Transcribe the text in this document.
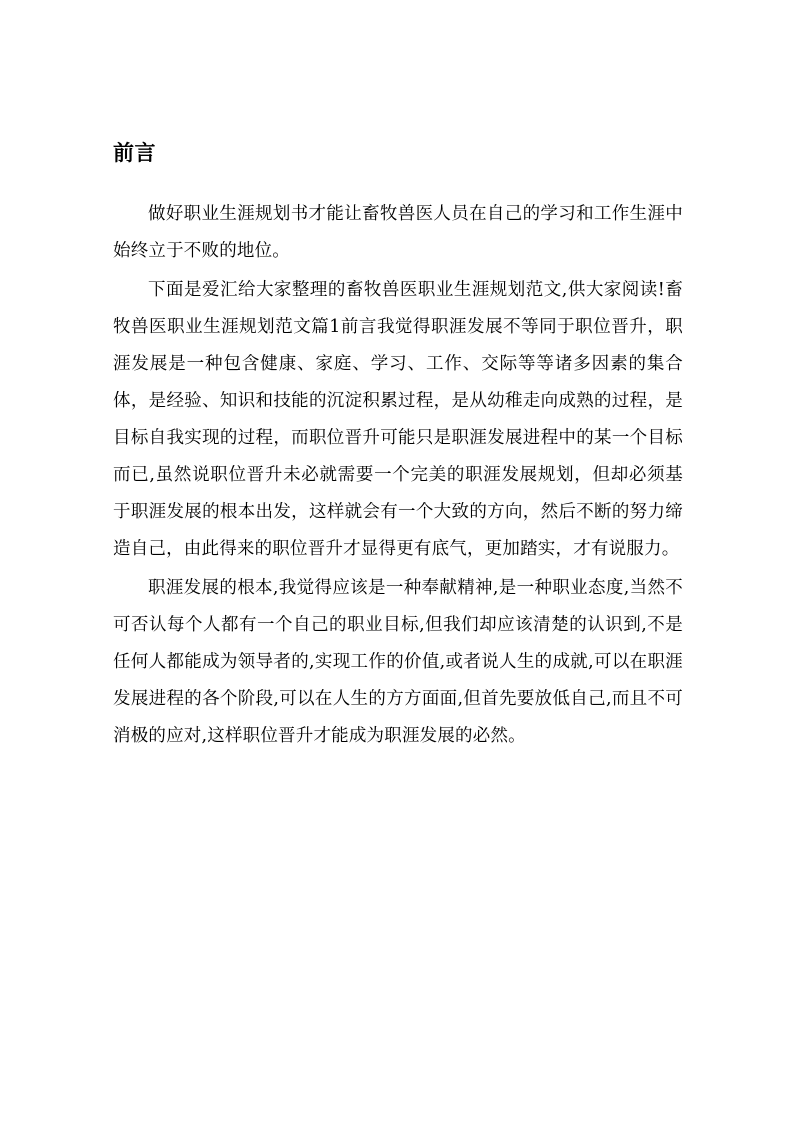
前言

做好职业生涯规划书才能让畜牧兽医人员在自己的学习和工作生涯中始终立于不败的地位。

下面是爱汇给大家整理的畜牧兽医职业生涯规划范文,供大家阅读!畜牧兽医职业生涯规划范文篇1前言我觉得职涯发展不等同于职位晋升，职涯发展是一种包含健康、家庭、学习、工作、交际等等诸多因素的集合体，是经验、知识和技能的沉淀积累过程，是从幼稚走向成熟的过程，是目标自我实现的过程，而职位晋升可能只是职涯发展进程中的某一个目标而已,虽然说职位晋升未必就需要一个完美的职涯发展规划，但却必须基于职涯发展的根本出发，这样就会有一个大致的方向，然后不断的努力缔造自己，由此得来的职位晋升才显得更有底气，更加踏实，才有说服力。

职涯发展的根本,我觉得应该是一种奉献精神,是一种职业态度,当然不可否认每个人都有一个自己的职业目标,但我们却应该清楚的认识到,不是任何人都能成为领导者的,实现工作的价值,或者说人生的成就,可以在职涯发展进程的各个阶段,可以在人生的方方面面,但首先要放低自己,而且不可消极的应对,这样职位晋升才能成为职涯发展的必然。
